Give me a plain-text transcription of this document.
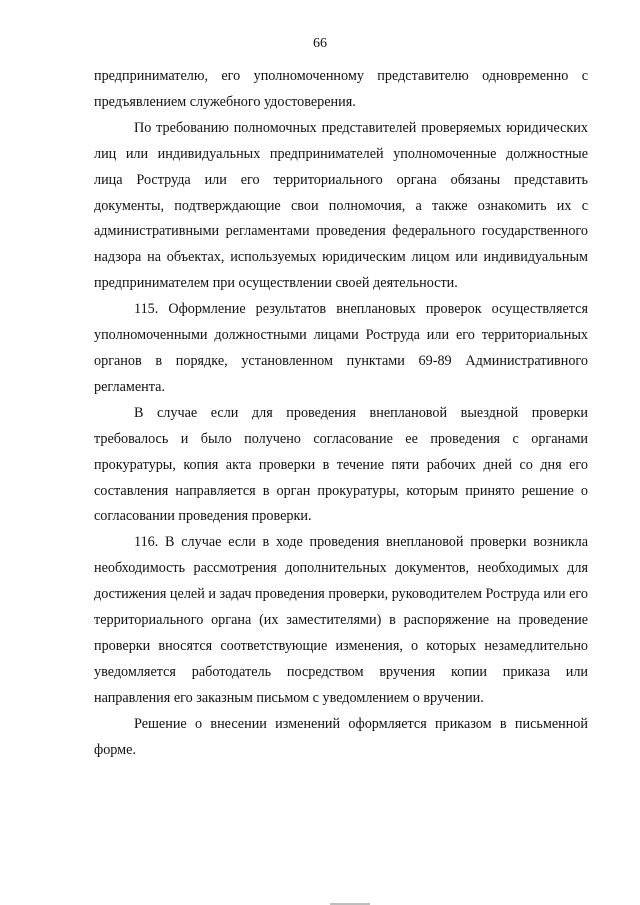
66

предпринимателю, его уполномоченному представителю одновременно с предъявлением служебного удостоверения.

По требованию полномочных представителей проверяемых юридических лиц или индивидуальных предпринимателей уполномоченные должностные лица Роструда или его территориального органа обязаны представить документы, подтверждающие свои полномочия, а также ознакомить их с административными регламентами проведения федерального государственного надзора на объектах, используемых юридическим лицом или индивидуальным предпринимателем при осуществлении своей деятельности.

115. Оформление результатов внеплановых проверок осуществляется уполномоченными должностными лицами Роструда или его территориальных органов в порядке, установленном пунктами 69-89 Административного регламента.

В случае если для проведения внеплановой выездной проверки требовалось и было получено согласование ее проведения с органами прокуратуры, копия акта проверки в течение пяти рабочих дней со дня его составления направляется в орган прокуратуры, которым принято решение о согласовании проведения проверки.

116. В случае если в ходе проведения внеплановой проверки возникла необходимость рассмотрения дополнительных документов, необходимых для достижения целей и задач проведения проверки, руководителем Роструда или его территориального органа (их заместителями) в распоряжение на проведение проверки вносятся соответствующие изменения, о которых незамедлительно уведомляется работодатель посредством вручения копии приказа или направления его заказным письмом с уведомлением о вручении.

Решение о внесении изменений оформляется приказом в письменной форме.
